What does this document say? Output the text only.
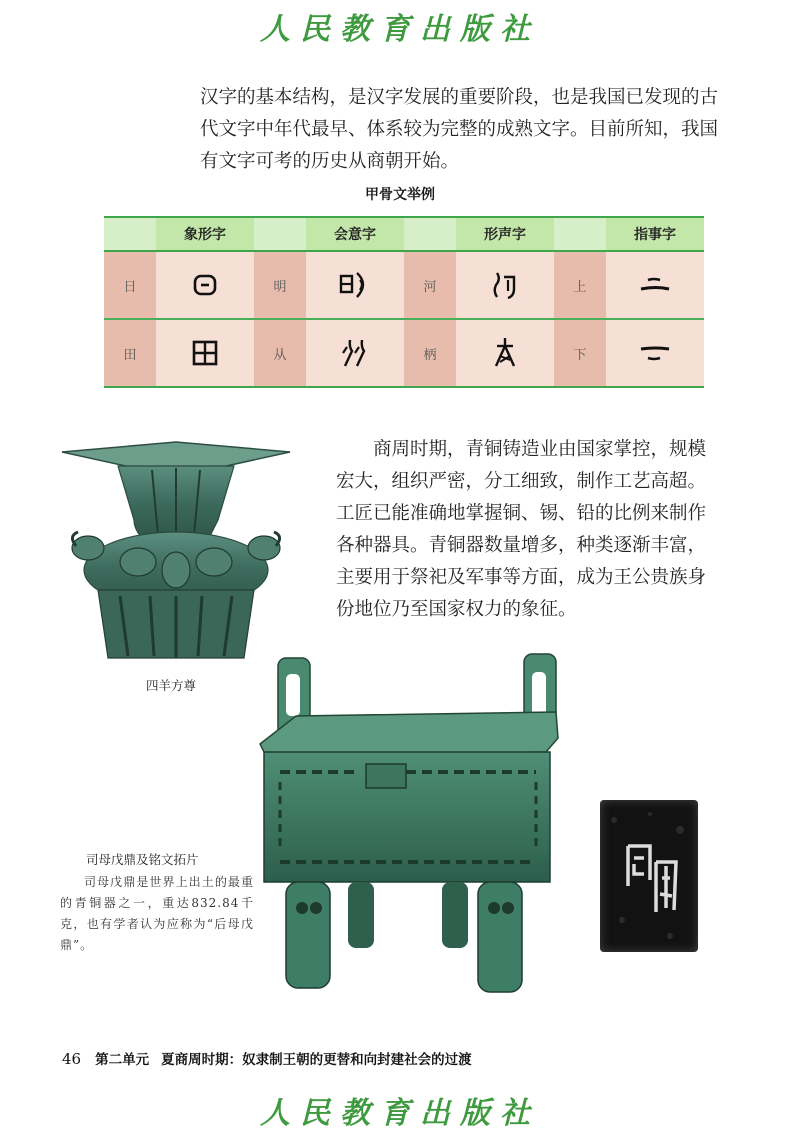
人民教育出版社
汉字的基本结构，是汉字发展的重要阶段，也是我国已发现的古代文字中年代最早、体系较为完整的成熟文字。目前所知，我国有文字可考的历史从商朝开始。
甲骨文举例
	象形字		会意字		形声字		指事字
日		明		河		上	

田		从		柄		下	
四羊方尊
商周时期，青铜铸造业由国家掌控，规模宏大，组织严密，分工细致，制作工艺高超。工匠已能准确地掌握铜、锡、铅的比例来制作各种器具。青铜器数量增多，种类逐渐丰富，主要用于祭祀及军事等方面，成为王公贵族身份地位乃至国家权力的象征。
司母戊鼎及铭文拓片
司母戊鼎是世界上出土的最重的青铜器之一，重达832.84千克，也有学者认为应称为“后母戊鼎”。
46 第二单元 夏商周时期：奴隶制王朝的更替和向封建社会的过渡
人民教育出版社
